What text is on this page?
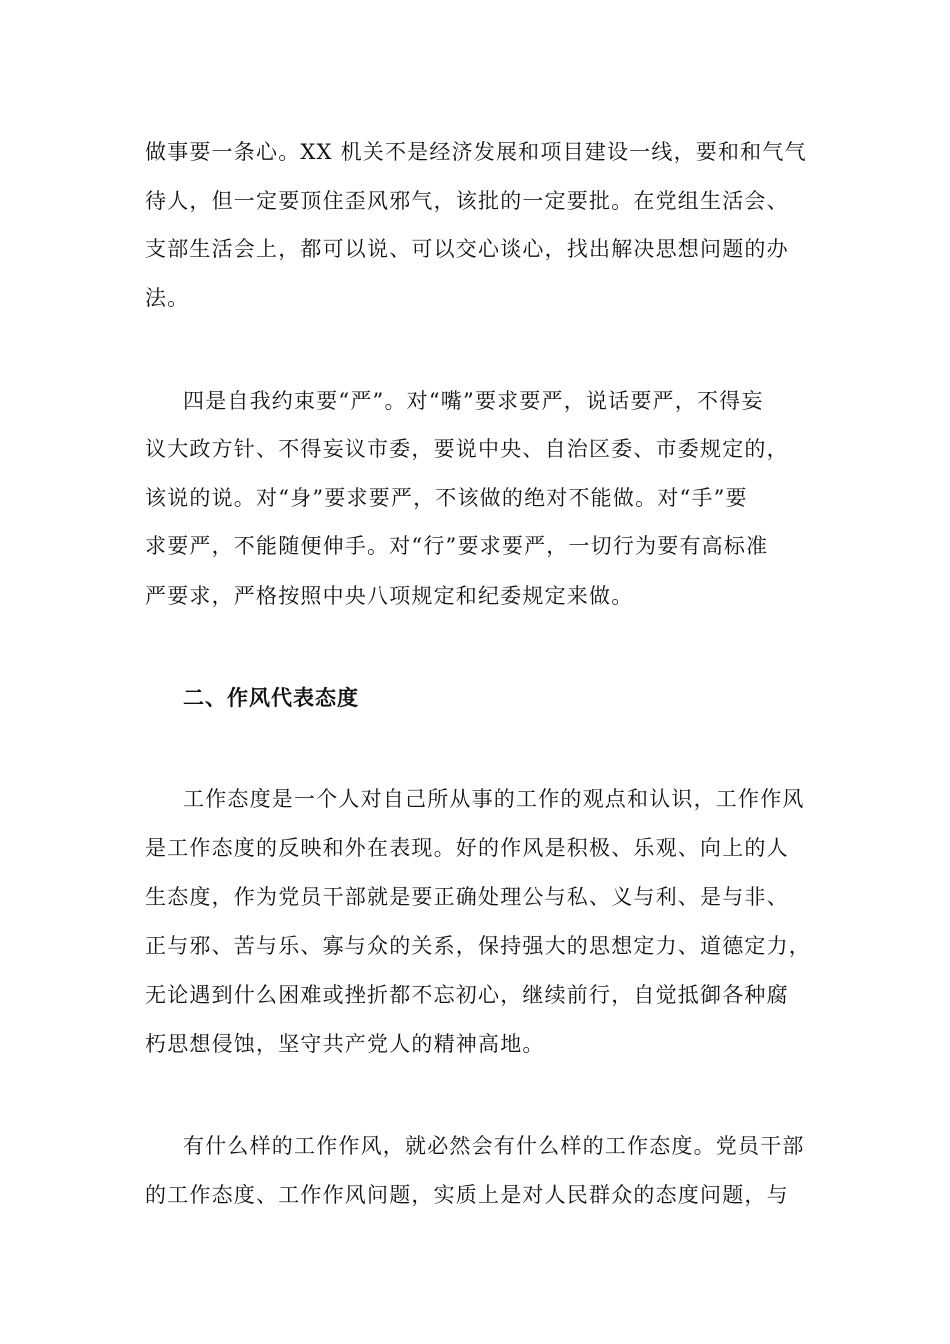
做事要一条心。XX 机关不是经济发展和项目建设一线，要和和气气
待人，但一定要顶住歪风邪气，该批的一定要批。在党组生活会、
支部生活会上，都可以说、可以交心谈心，找出解决思想问题的办
法。
四是自我约束要“严”。对“嘴”要求要严，说话要严，不得妄
议大政方针、不得妄议市委，要说中央、自治区委、市委规定的，
该说的说。对“身”要求要严，不该做的绝对不能做。对“手”要
求要严，不能随便伸手。对“行”要求要严，一切行为要有高标准
严要求，严格按照中央八项规定和纪委规定来做。
二、作风代表态度
工作态度是一个人对自己所从事的工作的观点和认识，工作作风
是工作态度的反映和外在表现。好的作风是积极、乐观、向上的人
生态度，作为党员干部就是要正确处理公与私、义与利、是与非、
正与邪、苦与乐、寡与众的关系，保持强大的思想定力、道德定力，
无论遇到什么困难或挫折都不忘初心，继续前行，自觉抵御各种腐
朽思想侵蚀，坚守共产党人的精神高地。
有什么样的工作作风，就必然会有什么样的工作态度。党员干部
的工作态度、工作作风问题，实质上是对人民群众的态度问题，与
